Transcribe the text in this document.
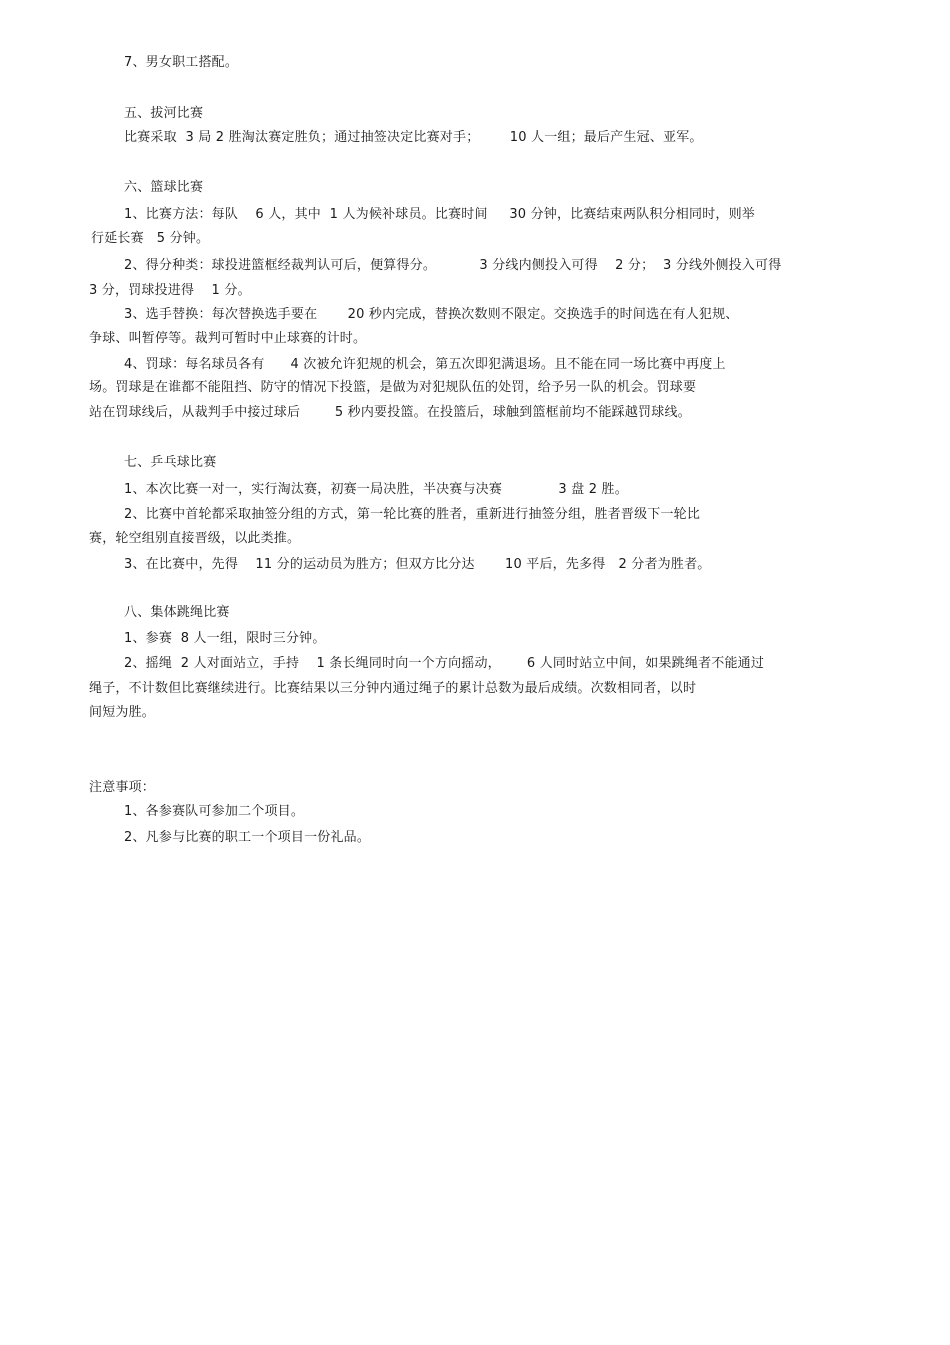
7、男女职工搭配。
五、拔河比赛
比赛采取  3 局 2 胜淘汰赛定胜负；通过抽签决定比赛对手；       10 人一组；最后产生冠、亚军。
六、篮球比赛
1、比赛方法：每队    6 人，其中  1 人为候补球员。比赛时间     30 分钟，比赛结束两队积分相同时，则举
行延长赛   5 分钟。
2、得分种类：球投进篮框经裁判认可后，便算得分。          3 分线内侧投入可得    2 分；  3 分线外侧投入可得
3 分，罚球投进得    1 分。
3、选手替换：每次替换选手要在       20 秒内完成，替换次数则不限定。交换选手的时间选在有人犯规、
争球、叫暂停等。裁判可暂时中止球赛的计时。
4、罚球：每名球员各有      4 次被允许犯规的机会，第五次即犯满退场。且不能在同一场比赛中再度上
场。罚球是在谁都不能阻挡、防守的情况下投篮，是做为对犯规队伍的处罚，给予另一队的机会。罚球要
站在罚球线后，从裁判手中接过球后        5 秒内要投篮。在投篮后，球触到篮框前均不能踩越罚球线。
七、乒乓球比赛
1、本次比赛一对一，实行淘汰赛，初赛一局决胜，半决赛与决赛             3 盘 2 胜。
2、比赛中首轮都采取抽签分组的方式，第一轮比赛的胜者，重新进行抽签分组，胜者晋级下一轮比
赛，轮空组别直接晋级，以此类推。
3、在比赛中，先得    11 分的运动员为胜方；但双方比分达       10 平后，先多得   2 分者为胜者。
八、集体跳绳比赛
1、参赛  8 人一组，限时三分钟。
2、摇绳  2 人对面站立，手持    1 条长绳同时向一个方向摇动，      6 人同时站立中间，如果跳绳者不能通过
绳子，不计数但比赛继续进行。比赛结果以三分钟内通过绳子的累计总数为最后成绩。次数相同者，以时
间短为胜。
注意事项：
1、各参赛队可参加二个项目。
2、凡参与比赛的职工一个项目一份礼品。
